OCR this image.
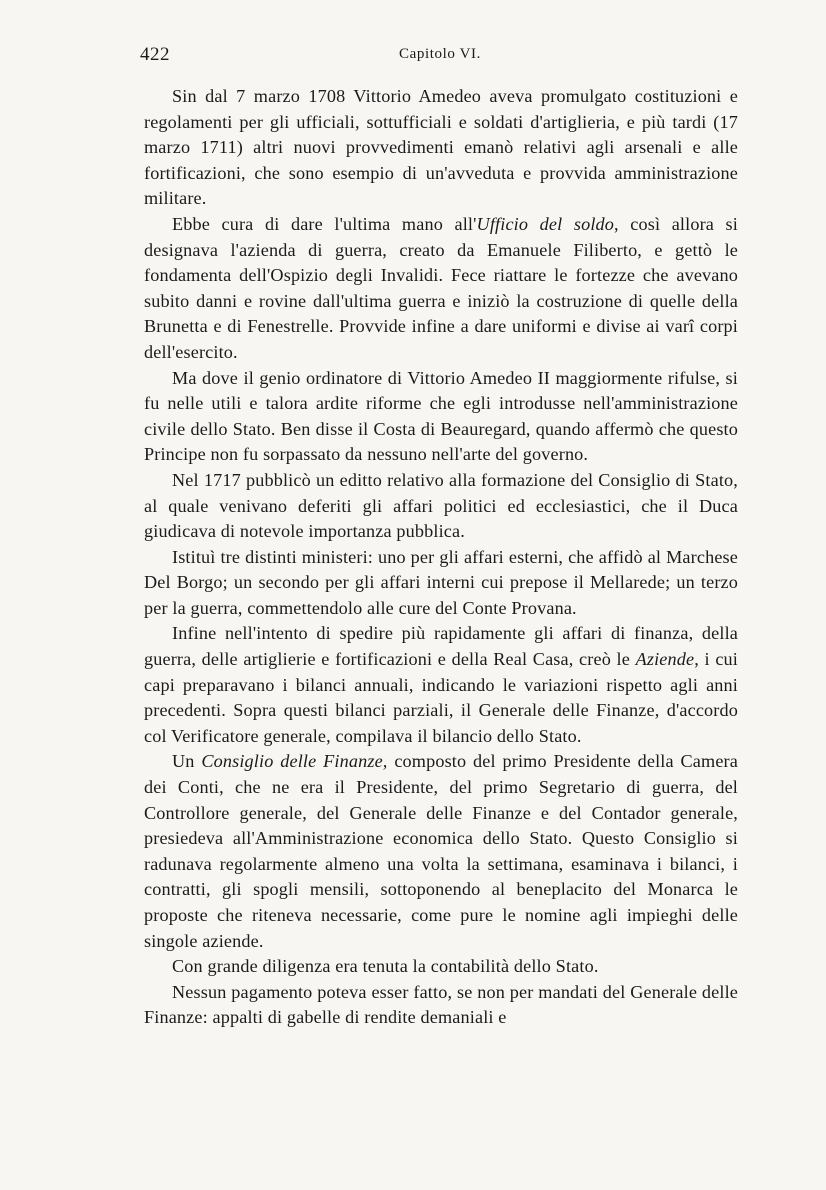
422	Capitolo VI.

Sin dal 7 marzo 1708 Vittorio Amedeo aveva promulgato costituzioni e regolamenti per gli ufficiali, sottufficiali e soldati d'artiglieria, e più tardi (17 marzo 1711) altri nuovi provvedimenti emanò relativi agli arsenali e alle fortificazioni, che sono esempio di un'avveduta e provvida amministrazione militare.

Ebbe cura di dare l'ultima mano all'Ufficio del soldo, così allora si designava l'azienda di guerra, creato da Emanuele Filiberto, e gettò le fondamenta dell'Ospizio degli Invalidi. Fece riattare le fortezze che avevano subito danni e rovine dall'ultima guerra e iniziò la costruzione di quelle della Brunetta e di Fenestrelle. Provvide infine a dare uniformi e divise ai varî corpi dell'esercito.

Ma dove il genio ordinatore di Vittorio Amedeo II maggiormente rifulse, si fu nelle utili e talora ardite riforme che egli introdusse nell'amministrazione civile dello Stato. Ben disse il Costa di Beauregard, quando affermò che questo Principe non fu sorpassato da nessuno nell'arte del governo.

Nel 1717 pubblicò un editto relativo alla formazione del Consiglio di Stato, al quale venivano deferiti gli affari politici ed ecclesiastici, che il Duca giudicava di notevole importanza pubblica.

Istituì tre distinti ministeri: uno per gli affari esterni, che affidò al Marchese Del Borgo; un secondo per gli affari interni cui prepose il Mellarede; un terzo per la guerra, commettendolo alle cure del Conte Provana.

Infine nell'intento di spedire più rapidamente gli affari di finanza, della guerra, delle artiglierie e fortificazioni e della Real Casa, creò le Aziende, i cui capi preparavano i bilanci annuali, indicando le variazioni rispetto agli anni precedenti. Sopra questi bilanci parziali, il Generale delle Finanze, d'accordo col Verificatore generale, compilava il bilancio dello Stato.

Un Consiglio delle Finanze, composto del primo Presidente della Camera dei Conti, che ne era il Presidente, del primo Segretario di guerra, del Controllore generale, del Generale delle Finanze e del Contador generale, presiedeva all'Amministrazione economica dello Stato. Questo Consiglio si radunava regolarmente almeno una volta la settimana, esaminava i bilanci, i contratti, gli spogli mensili, sottoponendo al beneplacito del Monarca le proposte che riteneva necessarie, come pure le nomine agli impieghi delle singole aziende.

Con grande diligenza era tenuta la contabilità dello Stato.

Nessun pagamento poteva esser fatto, se non per mandati del Generale delle Finanze: appalti di gabelle di rendite demaniali e
